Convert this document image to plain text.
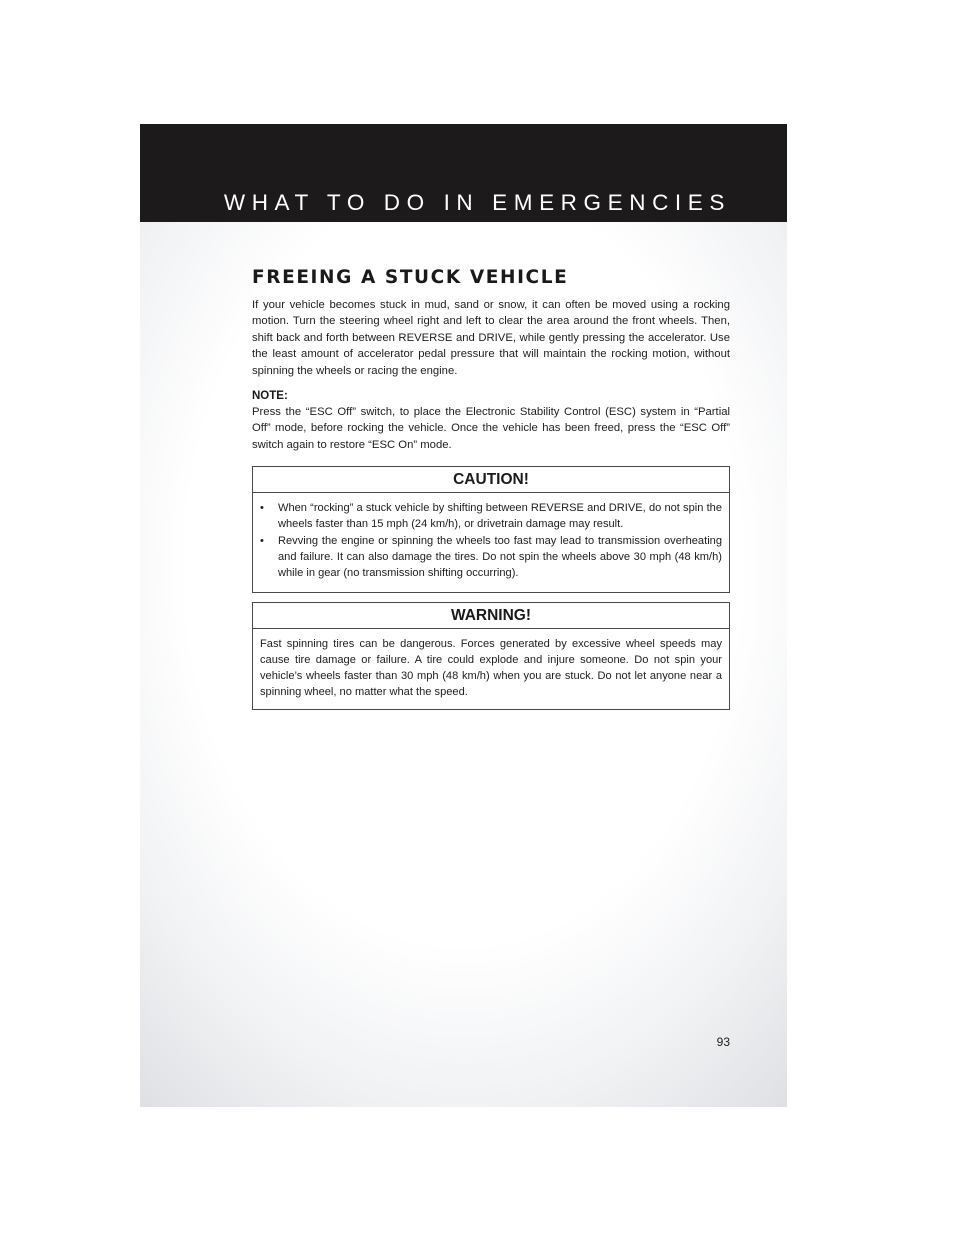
WHAT TO DO IN EMERGENCIES
FREEING A STUCK VEHICLE

If your vehicle becomes stuck in mud, sand or snow, it can often be moved using a rocking motion. Turn the steering wheel right and left to clear the area around the front wheels. Then, shift back and forth between REVERSE and DRIVE, while gently pressing the accelerator. Use the least amount of accelerator pedal pressure that will maintain the rocking motion, without spinning the wheels or racing the engine.

NOTE:

Press the “ESC Off” switch, to place the Electronic Stability Control (ESC) system in “Partial Off” mode, before rocking the vehicle. Once the vehicle has been freed, press the “ESC Off” switch again to restore “ESC On” mode.

CAUTION!
• When “rocking” a stuck vehicle by shifting between REVERSE and DRIVE, do not spin the wheels faster than 15 mph (24 km/h), or drivetrain damage may result.
• Revving the engine or spinning the wheels too fast may lead to transmission overheating and failure. It can also damage the tires. Do not spin the wheels above 30 mph (48 km/h) while in gear (no transmission shifting occurring).
WARNING!

Fast spinning tires can be dangerous. Forces generated by excessive wheel speeds may cause tire damage or failure. A tire could explode and injure someone. Do not spin your vehicle’s wheels faster than 30 mph (48 km/h) when you are stuck. Do not let anyone near a spinning wheel, no matter what the speed.

93
